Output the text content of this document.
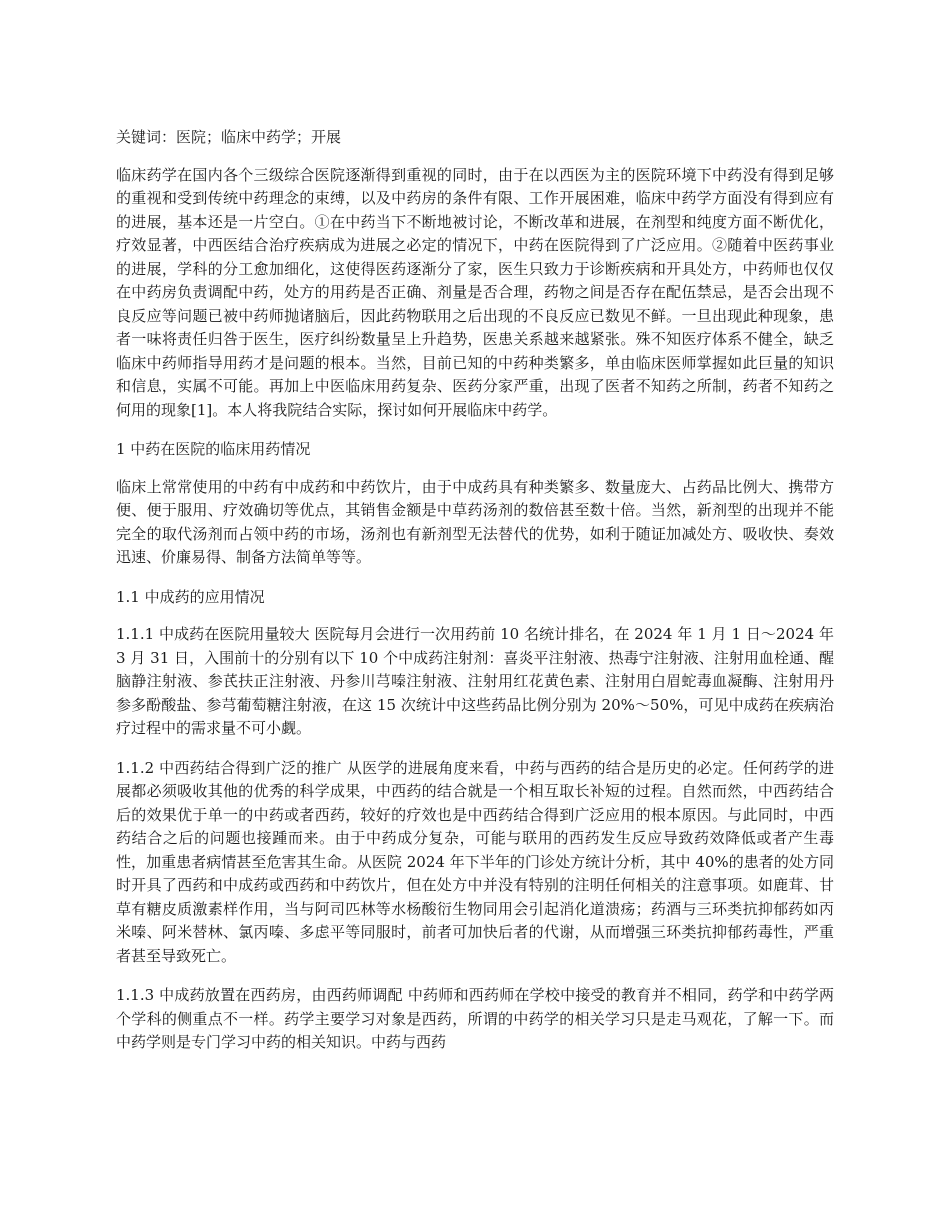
关键词：医院；临床中药学；开展

临床药学在国内各个三级综合医院逐渐得到重视的同时，由于在以西医为主的医院环境下中药没有得到足够的重视和受到传统中药理念的束缚，以及中药房的条件有限、工作开展困难，临床中药学方面没有得到应有的进展，基本还是一片空白。①在中药当下不断地被讨论，不断改革和进展，在剂型和纯度方面不断优化，疗效显著，中西医结合治疗疾病成为进展之必定的情况下，中药在医院得到了广泛应用。②随着中医药事业的进展，学科的分工愈加细化，这使得医药逐渐分了家，医生只致力于诊断疾病和开具处方，中药师也仅仅在中药房负责调配中药，处方的用药是否正确、剂量是否合理，药物之间是否存在配伍禁忌，是否会出现不良反应等问题已被中药师抛诸脑后，因此药物联用之后出现的不良反应已数见不鲜。一旦出现此种现象，患者一味将责任归咎于医生，医疗纠纷数量呈上升趋势，医患关系越来越紧张。殊不知医疗体系不健全，缺乏临床中药师指导用药才是问题的根本。当然，目前已知的中药种类繁多，单由临床医师掌握如此巨量的知识和信息，实属不可能。再加上中医临床用药复杂、医药分家严重，出现了医者不知药之所制，药者不知药之何用的现象[1]。本人将我院结合实际，探讨如何开展临床中药学。

1 中药在医院的临床用药情况

临床上常常使用的中药有中成药和中药饮片，由于中成药具有种类繁多、数量庞大、占药品比例大、携带方便、便于服用、疗效确切等优点，其销售金额是中草药汤剂的数倍甚至数十倍。当然，新剂型的出现并不能完全的取代汤剂而占领中药的市场，汤剂也有新剂型无法替代的优势，如利于随证加减处方、吸收快、奏效迅速、价廉易得、制备方法简单等等。

1.1 中成药的应用情况

1.1.1 中成药在医院用量较大 医院每月会进行一次用药前 10 名统计排名，在 2024 年 1 月 1 日～2024 年 3 月 31 日，入围前十的分别有以下 10 个中成药注射剂：喜炎平注射液、热毒宁注射液、注射用血栓通、醒脑静注射液、参芪扶正注射液、丹参川芎嗪注射液、注射用红花黄色素、注射用白眉蛇毒血凝酶、注射用丹参多酚酸盐、参芎葡萄糖注射液，在这 15 次统计中这些药品比例分别为 20%～50%，可见中成药在疾病治疗过程中的需求量不可小觑。

1.1.2 中西药结合得到广泛的推广 从医学的进展角度来看，中药与西药的结合是历史的必定。任何药学的进展都必须吸收其他的优秀的科学成果，中西药的结合就是一个相互取长补短的过程。自然而然，中西药结合后的效果优于单一的中药或者西药，较好的疗效也是中西药结合得到广泛应用的根本原因。与此同时，中西药结合之后的问题也接踵而来。由于中药成分复杂，可能与联用的西药发生反应导致药效降低或者产生毒性，加重患者病情甚至危害其生命。从医院 2024 年下半年的门诊处方统计分析，其中 40%的患者的处方同时开具了西药和中成药或西药和中药饮片，但在处方中并没有特别的注明任何相关的注意事项。如鹿茸、甘草有糖皮质激素样作用，当与阿司匹林等水杨酸衍生物同用会引起消化道溃疡；药酒与三环类抗抑郁药如丙米嗪、阿米替林、氯丙嗪、多虑平等同服时，前者可加快后者的代谢，从而增强三环类抗抑郁药毒性，严重者甚至导致死亡。

1.1.3 中成药放置在西药房，由西药师调配 中药师和西药师在学校中接受的教育并不相同，药学和中药学两个学科的侧重点不一样。药学主要学习对象是西药，所谓的中药学的相关学习只是走马观花，了解一下。而中药学则是专门学习中药的相关知识。中药与西药
